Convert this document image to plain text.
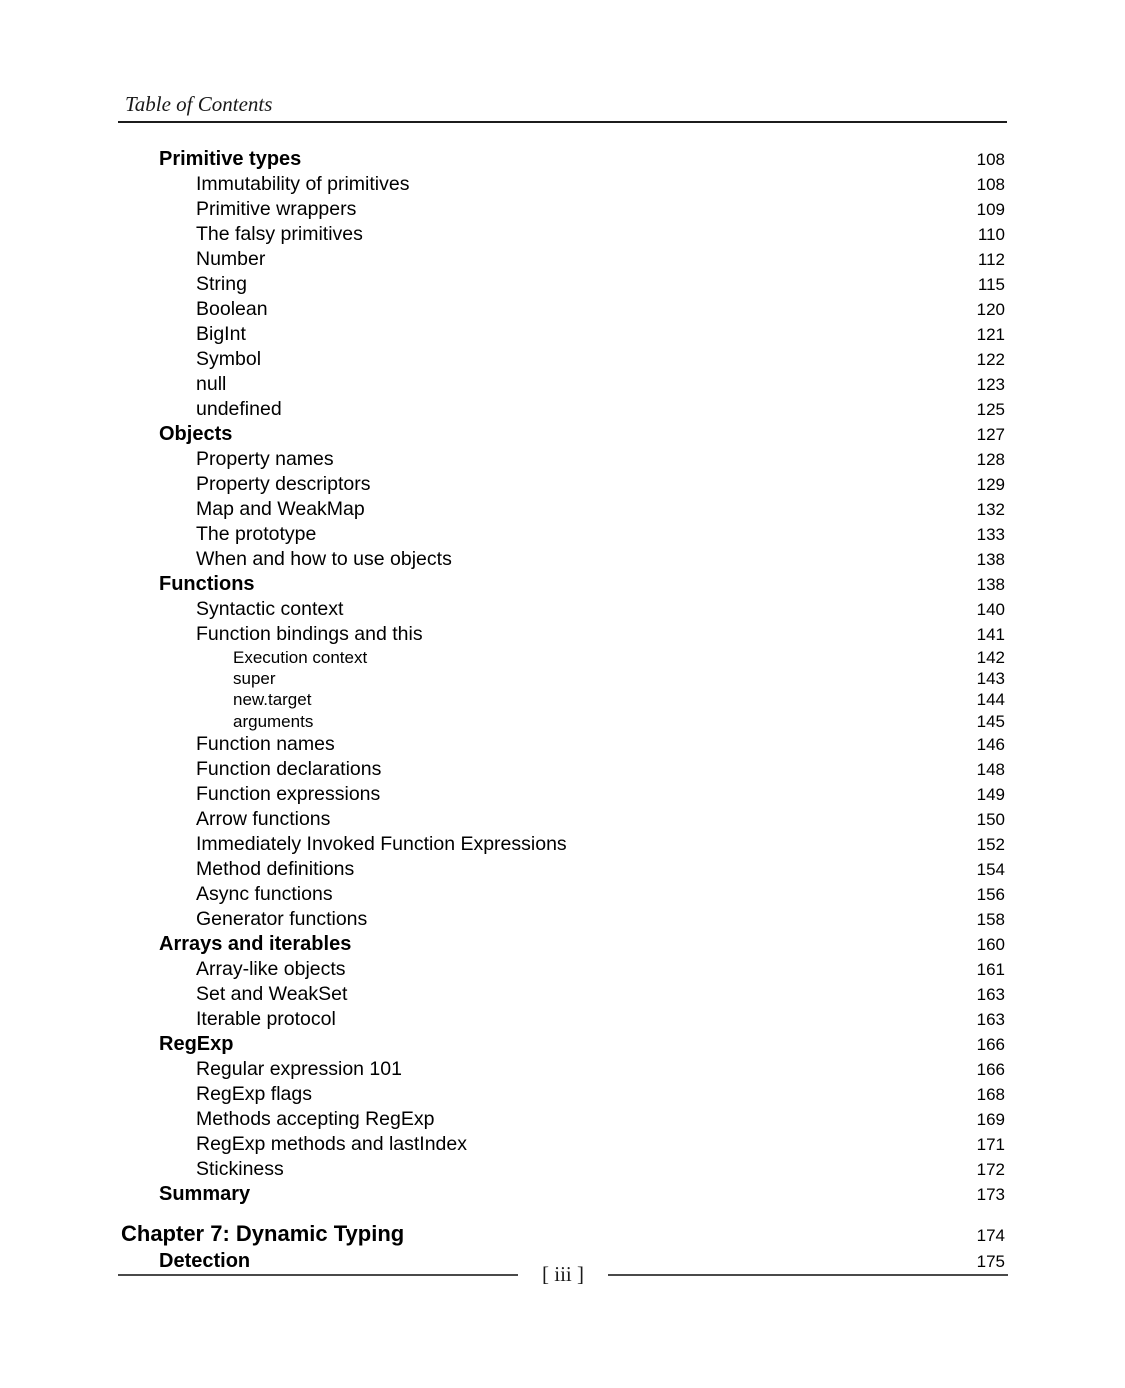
Table of Contents
Primitive types	108
Immutability of primitives	108
Primitive wrappers	109
The falsy primitives	110
Number	112
String	115
Boolean	120
BigInt	121
Symbol	122
null	123
undefined	125
Objects	127
Property names	128
Property descriptors	129
Map and WeakMap	132
The prototype	133
When and how to use objects	138
Functions	138
Syntactic context	140
Function bindings and this	141
Execution context	142
super	143
new.target	144
arguments	145
Function names	146
Function declarations	148
Function expressions	149
Arrow functions	150
Immediately Invoked Function Expressions	152
Method definitions	154
Async functions	156
Generator functions	158
Arrays and iterables	160
Array-like objects	161
Set and WeakSet	163
Iterable protocol	163
RegExp	166
Regular expression 101	166
RegExp flags	168
Methods accepting RegExp	169
RegExp methods and lastIndex	171
Stickiness	172
Summary	173
Chapter 7: Dynamic Typing	174
Detection	175
[ iii ]
